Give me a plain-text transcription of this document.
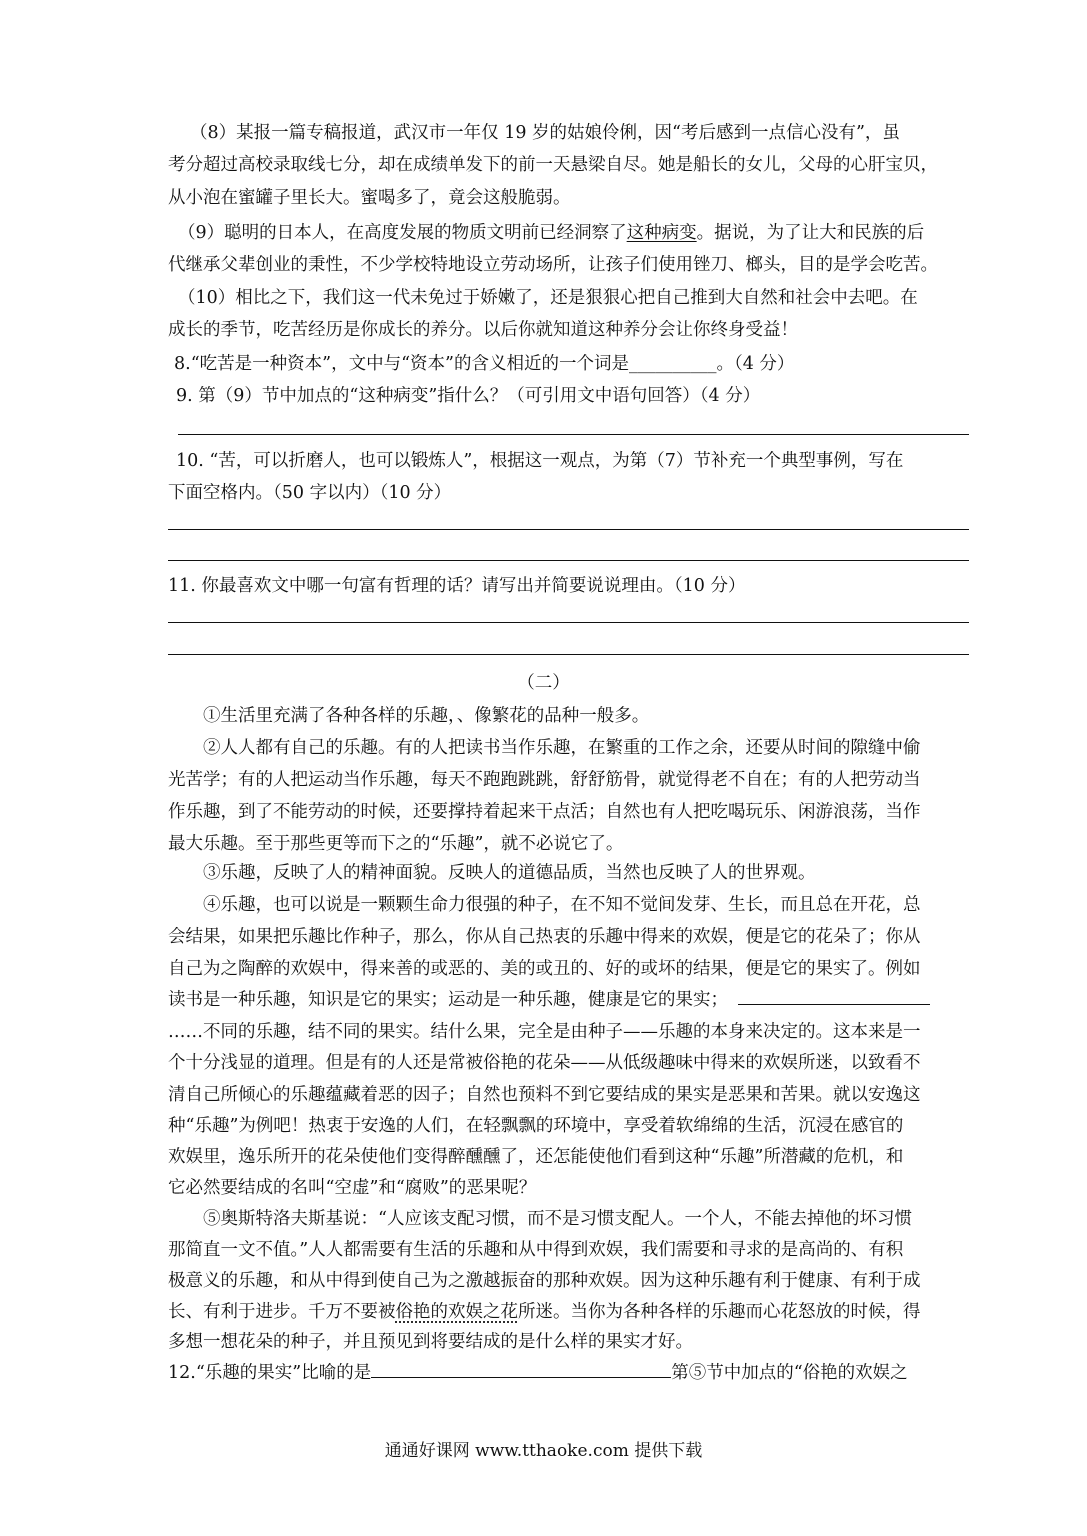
（8）某报一篇专稿报道，武汉市一年仅 19 岁的姑娘伶俐，因“考后感到一点信心没有”，虽
考分超过高校录取线七分，却在成绩单发下的前一天悬梁自尽。她是船长的女儿，父母的心肝宝贝，
从小泡在蜜罐子里长大。蜜喝多了，竟会这般脆弱。
（9）聪明的日本人，在高度发展的物质文明前已经洞察了这种病变。据说，为了让大和民族的后
代继承父辈创业的秉性，不少学校特地设立劳动场所，让孩子们使用锉刀、榔头，目的是学会吃苦。
（10）相比之下，我们这一代未免过于娇嫩了，还是狠狠心把自己推到大自然和社会中去吧。在
成长的季节，吃苦经历是你成长的养分。以后你就知道这种养分会让你终身受益！
8.“吃苦是一种资本”，文中与“资本”的含义相近的一个词是__________。（4 分）
9. 第（9）节中加点的“这种病变”指什么？（可引用文中语句回答）（4 分）
10. “苦，可以折磨人，也可以锻炼人”，根据这一观点，为第（7）节补充一个典型事例，写在
下面空格内。（50 字以内）（10 分）
11. 你最喜欢文中哪一句富有哲理的话？请写出并简要说说理由。（10 分）
（二）
①生活里充满了各种各样的乐趣，、像繁花的品种一般多。
②人人都有自己的乐趣。有的人把读书当作乐趣，在繁重的工作之余，还要从时间的隙缝中偷
光苦学；有的人把运动当作乐趣，每天不跑跑跳跳，舒舒筋骨，就觉得老不自在；有的人把劳动当
作乐趣，到了不能劳动的时候，还要撑持着起来干点活；自然也有人把吃喝玩乐、闲游浪荡，当作
最大乐趣。至于那些更等而下之的“乐趣”，就不必说它了。
③乐趣，反映了人的精神面貌。反映人的道德品质，当然也反映了人的世界观。
④乐趣，也可以说是一颗颗生命力很强的种子，在不知不觉间发芽、生长，而且总在开花，总
会结果，如果把乐趣比作种子，那么，你从自己热衷的乐趣中得来的欢娱，便是它的花朵了；你从
自己为之陶醉的欢娱中，得来善的或恶的、美的或丑的、好的或坏的结果，便是它的果实了。例如
读书是一种乐趣，知识是它的果实；运动是一种乐趣，健康是它的果实；
……不同的乐趣，结不同的果实。结什么果，完全是由种子——乐趣的本身来决定的。这本来是一
个十分浅显的道理。但是有的人还是常被俗艳的花朵——从低级趣味中得来的欢娱所迷，以致看不
清自己所倾心的乐趣蕴藏着恶的因子；自然也预料不到它要结成的果实是恶果和苦果。就以安逸这
种“乐趣”为例吧！热衷于安逸的人们，在轻飘飘的环境中，享受着软绵绵的生活，沉浸在感官的
欢娱里，逸乐所开的花朵使他们变得醉醺醺了，还怎能使他们看到这种“乐趣”所潜藏的危机，和
它必然要结成的名叫“空虚”和“腐败”的恶果呢？
⑤奥斯特洛夫斯基说：“人应该支配习惯，而不是习惯支配人。一个人，不能去掉他的坏习惯
那简直一文不值。”人人都需要有生活的乐趣和从中得到欢娱，我们需要和寻求的是高尚的、有积
极意义的乐趣，和从中得到使自己为之激越振奋的那种欢娱。因为这种乐趣有利于健康、有利于成
长、有利于进步。千万不要被俗艳的欢娱之花所迷。当你为各种各样的乐趣而心花怒放的时候，得
多想一想花朵的种子，并且预见到将要结成的是什么样的果实才好。
12.“乐趣的果实”比喻的是	第⑤节中加点的“俗艳的欢娱之
通通好课网 www.tthaoke.com 提供下载
